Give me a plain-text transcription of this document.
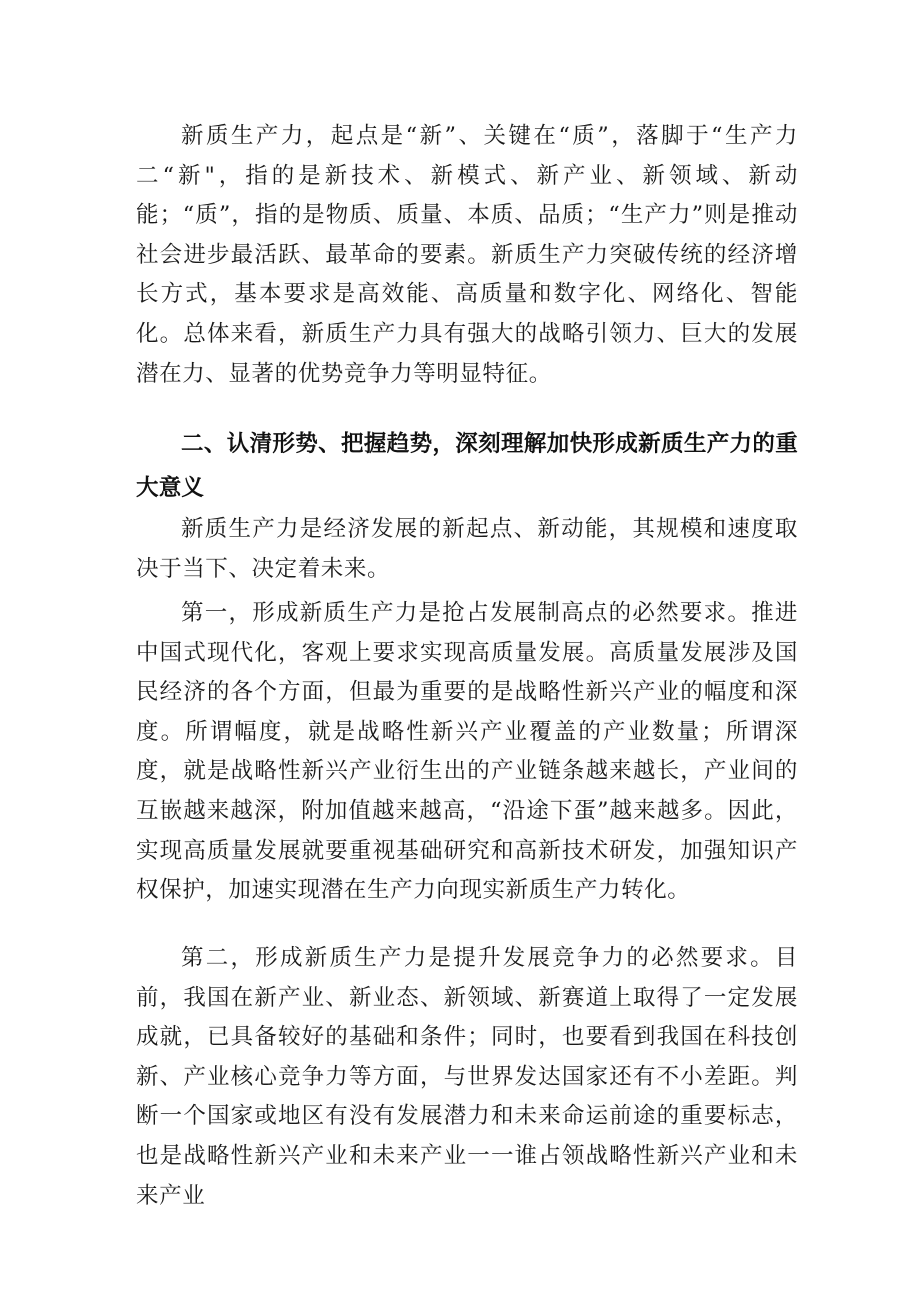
新质生产力，起点是“新”、关键在“质”，落脚于“生产力二“新"，指的是新技术、新模式、新产业、新领域、新动能；“质”，指的是物质、质量、本质、品质；“生产力”则是推动社会进步最活跃、最革命的要素。新质生产力突破传统的经济增长方式，基本要求是高效能、高质量和数字化、网络化、智能化。总体来看，新质生产力具有强大的战略引领力、巨大的发展潜在力、显著的优势竞争力等明显特征。

二、认清形势、把握趋势，深刻理解加快形成新质生产力的重大意义

新质生产力是经济发展的新起点、新动能，其规模和速度取决于当下、决定着未来。

第一，形成新质生产力是抢占发展制高点的必然要求。推进中国式现代化，客观上要求实现高质量发展。高质量发展涉及国民经济的各个方面，但最为重要的是战略性新兴产业的幅度和深度。所谓幅度，就是战略性新兴产业覆盖的产业数量；所谓深度，就是战略性新兴产业衍生出的产业链条越来越长，产业间的互嵌越来越深，附加值越来越高，“沿途下蛋”越来越多。因此，实现高质量发展就要重视基础研究和高新技术研发，加强知识产权保护，加速实现潜在生产力向现实新质生产力转化。

第二，形成新质生产力是提升发展竞争力的必然要求。目前，我国在新产业、新业态、新领域、新赛道上取得了一定发展成就，已具备较好的基础和条件；同时，也要看到我国在科技创新、产业核心竞争力等方面，与世界发达国家还有不小差距。判断一个国家或地区有没有发展潜力和未来命运前途的重要标志，也是战略性新兴产业和未来产业一一谁占领战略性新兴产业和未来产业
